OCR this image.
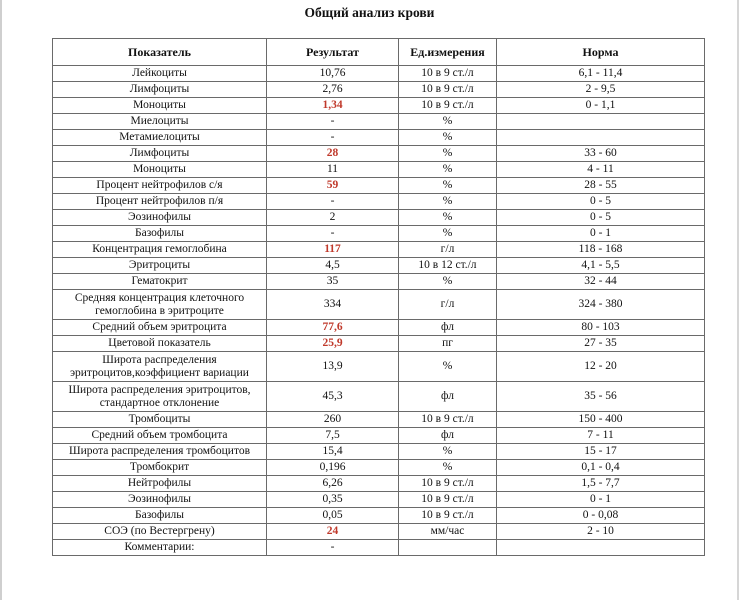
Общий анализ крови
Показатель	Результат	Ед.измерения	Норма
Лейкоциты	10,76	10 в 9 ст./л	6,1 - 11,4
Лимфоциты	2,76	10 в 9 ст./л	2 - 9,5
Моноциты	1,34	10 в 9 ст./л	0 - 1,1
Миелоциты	-	%	
Метамиелоциты	-	%	
Лимфоциты	28	%	33 - 60
Моноциты	11	%	4 - 11
Процент нейтрофилов с/я	59	%	28 - 55
Процент нейтрофилов п/я	-	%	0 - 5
Эозинофилы	2	%	0 - 5
Базофилы	-	%	0 - 1
Концентрация гемоглобина	117	г/л	118 - 168
Эритроциты	4,5	10 в 12 ст./л	4,1 - 5,5
Гематокрит	35	%	32 - 44
Средняя концентрация клеточного гемоглобина в эритроците	334	г/л	324 - 380
Средний объем эритроцита	77,6	фл	80 - 103
Цветовой показатель	25,9	пг	27 - 35
Широта распределения эритроцитов,коэффициент вариации	13,9	%	12 - 20
Широта распределения эритроцитов, стандартное отклонение	45,3	фл	35 - 56
Тромбоциты	260	10 в 9 ст./л	150 - 400
Средний объем тромбоцита	7,5	фл	7 - 11
Широта распределения тромбоцитов	15,4	%	15 - 17
Тромбокрит	0,196	%	0,1 - 0,4
Нейтрофилы	6,26	10 в 9 ст./л	1,5 - 7,7
Эозинофилы	0,35	10 в 9 ст./л	0 - 1
Базофилы	0,05	10 в 9 ст./л	0 - 0,08
СОЭ (по Вестергрену)	24	мм/час	2 - 10
Комментарии:	-		
